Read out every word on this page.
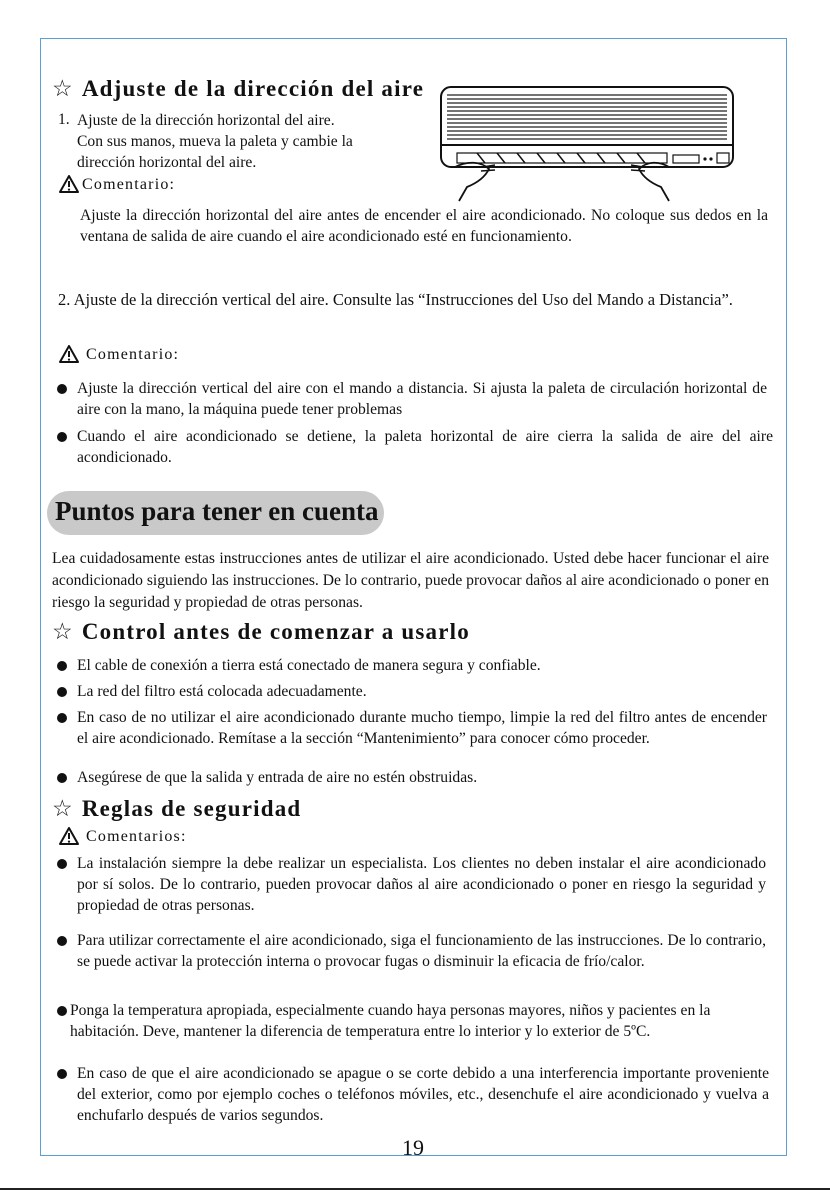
☆ Adjuste de la dirección del aire
1. Ajuste de la dirección horizontal del aire.
Con sus manos, mueva la paleta y cambie la
dirección horizontal del aire.
Comentario:
Ajuste la dirección horizontal del aire antes de encender el aire acondicionado. No coloque sus dedos en la ventana de salida de aire cuando el aire acondicionado esté en funcionamiento.
2. Ajuste de la dirección vertical del aire. Consulte las “Instrucciones del Uso del Mando a Distancia”.
Comentario:
Ajuste la dirección vertical del aire con el mando a distancia. Si ajusta la paleta de circulación horizontal de aire con la mano, la máquina puede tener problemas
Cuando el aire acondicionado se detiene, la paleta horizontal de aire cierra la salida de aire del aire acondicionado.
Puntos para tener en cuenta
Lea cuidadosamente estas instrucciones antes de utilizar el aire acondicionado. Usted debe hacer funcionar el aire acondicionado siguiendo las instrucciones. De lo contrario, puede provocar daños al aire acondicionado o poner en riesgo la seguridad y propiedad de otras personas.
☆ Control antes de comenzar a usarlo
El cable de conexión a tierra está conectado de manera segura y confiable.
La red del filtro está colocada adecuadamente.
En caso de no utilizar el aire acondicionado durante mucho tiempo, limpie la red del filtro antes de encender el aire acondicionado. Remítase a la sección “Mantenimiento” para conocer cómo proceder.
Asegúrese de que la salida y entrada de aire no estén obstruidas.
☆ Reglas de seguridad
Comentarios:
La instalación siempre la debe realizar un especialista. Los clientes no deben instalar el aire acondicionado por sí solos. De lo contrario, pueden provocar daños al aire acondicionado o poner en riesgo la seguridad y propiedad de otras personas.
Para utilizar correctamente el aire acondicionado, siga el funcionamiento de las instrucciones. De lo contrario, se puede activar la protección interna o provocar fugas o disminuir la eficacia de frío/calor.
Ponga la temperatura apropiada, especialmente cuando haya personas mayores, niños y pacientes en la habitación. Deve, mantener la diferencia de temperatura entre lo interior y lo exterior de 5ºC.
En caso de que el aire acondicionado se apague o se corte debido a una interferencia importante proveniente del exterior, como por ejemplo coches o teléfonos móviles, etc., desenchufe el aire acondicionado y vuelva a enchufarlo después de varios segundos.
19
